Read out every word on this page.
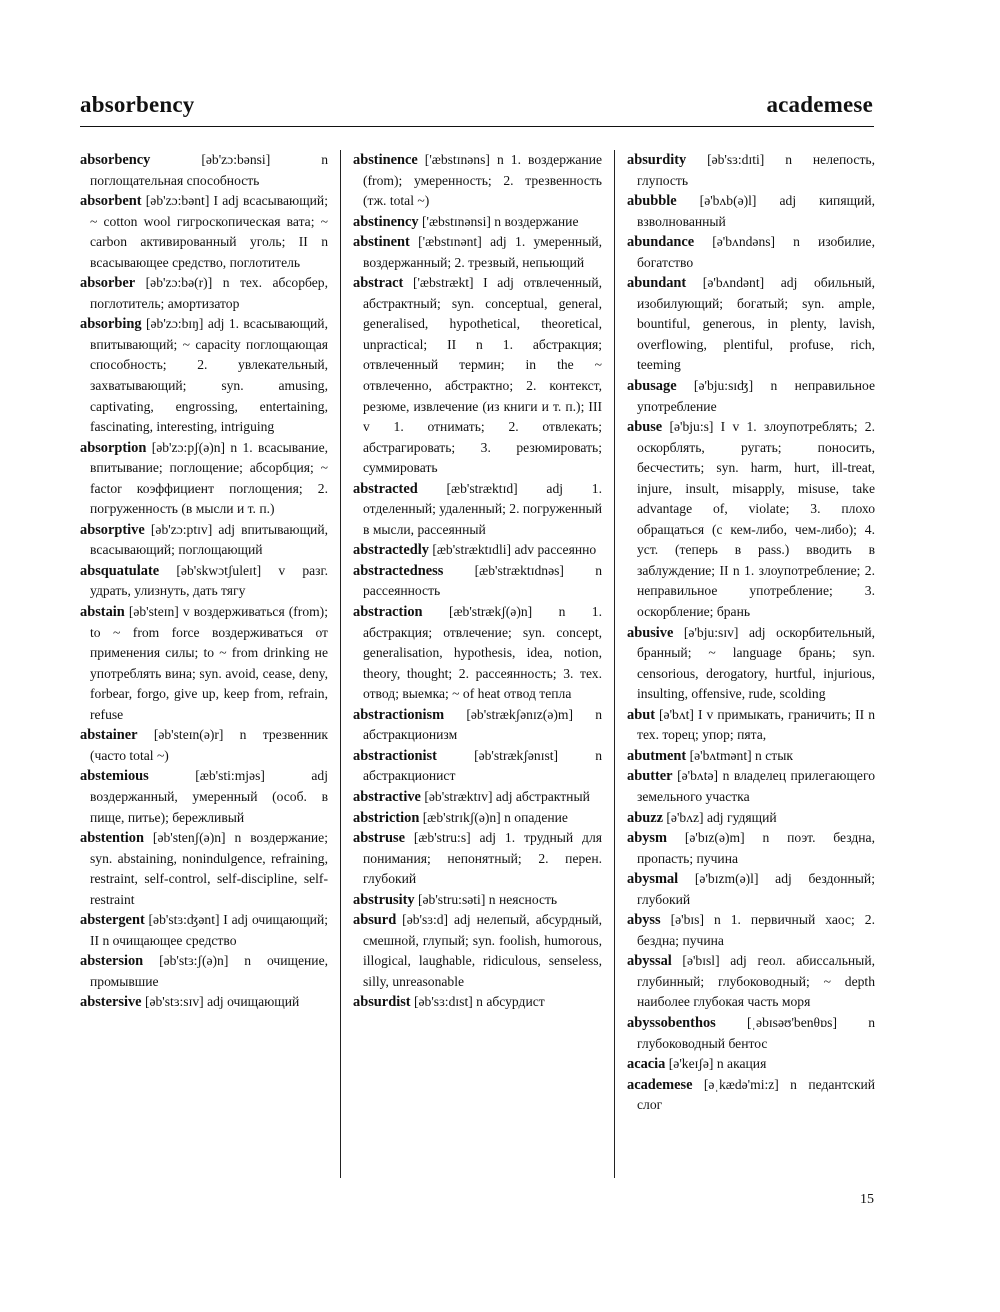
absorbency	academese

absorbency [əb'zɔ:bənsi] n поглощательная способность

absorbent [əb'zɔ:bənt] I adj всасывающий; ~ cotton wool гигроскопическая вата; ~ carbon активированный уголь; II n всасывающее средство, поглотитель

absorber [əb'zɔ:bə(r)] n тех. абсорбер, поглотитель; амортизатор

absorbing [əb'zɔ:bɪŋ] adj 1. всасывающий, впитывающий; ~ capacity поглощающая способность; 2. увлекательный, захватывающий; syn. amusing, captivating, engrossing, entertaining, fascinating, interesting, intriguing

absorption [əb'zɔ:pʃ(ə)n] n 1. всасывание, впитывание; поглощение; абсорбция; ~ factor коэффициент поглощения; 2. погруженность (в мысли и т. п.)

absorptive [əb'zɔ:ptɪv] adj впитывающий, всасывающий; поглощающий

absquatulate [əb'skwɔtʃuleɪt] v разг. удрать, улизнуть, дать тягу

abstain [əb'steɪn] v воздерживаться (from); to ~ from force воздерживаться от применения силы; to ~ from drinking не употреблять вина; syn. avoid, cease, deny, forbear, forgo, give up, keep from, refrain, refuse

abstainer [əb'steɪn(ə)r] n трезвенник (часто total ~)

abstemious [æb'sti:mjəs] adj воздержанный, умеренный (особ. в пище, питье); бережливый

abstention [əb'stenʃ(ə)n] n воздержание; syn. abstaining, nonindulgence, refraining, restraint, self-control, self-discipline, self-restraint

abstergent [əb'stɜ:ʤənt] I adj очищающий; II n очищающее средство

abstersion [əb'stɜ:ʃ(ə)n] n очищение, промывшие

abstersive [əb'stɜ:sɪv] adj очищающий

abstinence ['æbstɪnəns] n 1. воздержание (from); умеренность; 2. трезвенность (тж. total ~)

abstinency ['æbstɪnənsi] n воздержание

abstinent ['æbstɪnənt] adj 1. умеренный, воздержанный; 2. трезвый, непьющий

abstract ['æbstrækt] I adj отвлеченный, абстрактный; syn. conceptual, general, generalised, hypothetical, theoretical, unpractical; II n 1. абстракция; отвлеченный термин; in the ~ отвлеченно, абстрактно; 2. контекст, резюме, извлечение (из книги и т. п.); III v 1. отнимать; 2. отвлекать; абстрагировать; 3. резюмировать; суммировать

abstracted [æb'stræktɪd] adj 1. отделенный; удаленный; 2. погруженный в мысли, рассеянный

abstractedly [æb'stræktɪdli] adv рассеянно

abstractedness [æb'stræktɪdnəs] n рассеянность

abstraction [æb'strækʃ(ə)n] n 1. абстракция; отвлечение; syn. concept, generalisation, hypothesis, idea, notion, theory, thought; 2. рассеянность; 3. тех. отвод; выемка; ~ of heat отвод тепла

abstractionism [əb'strækʃənɪz(ə)m] n абстракционизм

abstractionist [əb'strækʃənɪst] n абстракционист

abstractive [əb'stræktɪv] adj абстрактный

abstriction [æb'strɪkʃ(ə)n] n опадение

abstruse [æb'stru:s] adj 1. трудный для понимания; непонятный; 2. перен. глубокий

abstrusity [əb'stru:səti] n неясность

absurd [əb'sɜ:d] adj нелепый, абсурдный, смешной, глупый; syn. foolish, humorous, illogical, laughable, ridiculous, senseless, silly, unreasonable

absurdist [əb'sɜ:dɪst] n абсурдист

absurdity [əb'sɜ:dɪti] n нелепость, глупость

abubble [ə'bʌb(ə)l] adj кипящий, взволнованный

abundance [ə'bʌndəns] n изобилие, богатство

abundant [ə'bʌndənt] adj обильный, изобилующий; богатый; syn. ample, bountiful, generous, in plenty, lavish, overflowing, plentiful, profuse, rich, teeming

abusage [ə'bju:sɪʤ] n неправильное употребление

abuse [ə'bju:s] I v 1. злоупотреблять; 2. оскорблять, ругать; поносить, бесчестить; syn. harm, hurt, ill-treat, injure, insult, misapply, misuse, take advantage of, violate; 3. плохо обращаться (с кем-либо, чем-либо); 4. уст. (теперь в pass.) вводить в заблуждение; II n 1. злоупотребление; 2. неправильное употребление; 3. оскорбление; брань

abusive [ə'bju:sɪv] adj оскорбительный, бранный; ~ language брань; syn. censorious, derogatory, hurtful, injurious, insulting, offensive, rude, scolding

abut [ə'bʌt] I v примыкать, граничить; II n тех. торец; упор; пята,

abutment [ə'bʌtmənt] n стык

abutter [ə'bʌtə] n владелец прилегающего земельного участка

abuzz [ə'bʌz] adj гудящий

abysm [ə'bɪz(ə)m] n поэт. бездна, пропасть; пучина

abysmal [ə'bɪzm(ə)l] adj бездонный; глубокий

abyss [ə'bɪs] n 1. первичный хаос; 2. бездна; пучина

abyssal [ə'bɪsl] adj геол. абиссальный, глубинный; глубоководный; ~ depth наиболее глубокая часть моря

abyssobenthos [ˌəbɪsəʊ'benθɒs] n глубоководный бентос

acacia [ə'keɪʃə] n акация

academese [əˌkædə'mi:z] n педантский слог

15
